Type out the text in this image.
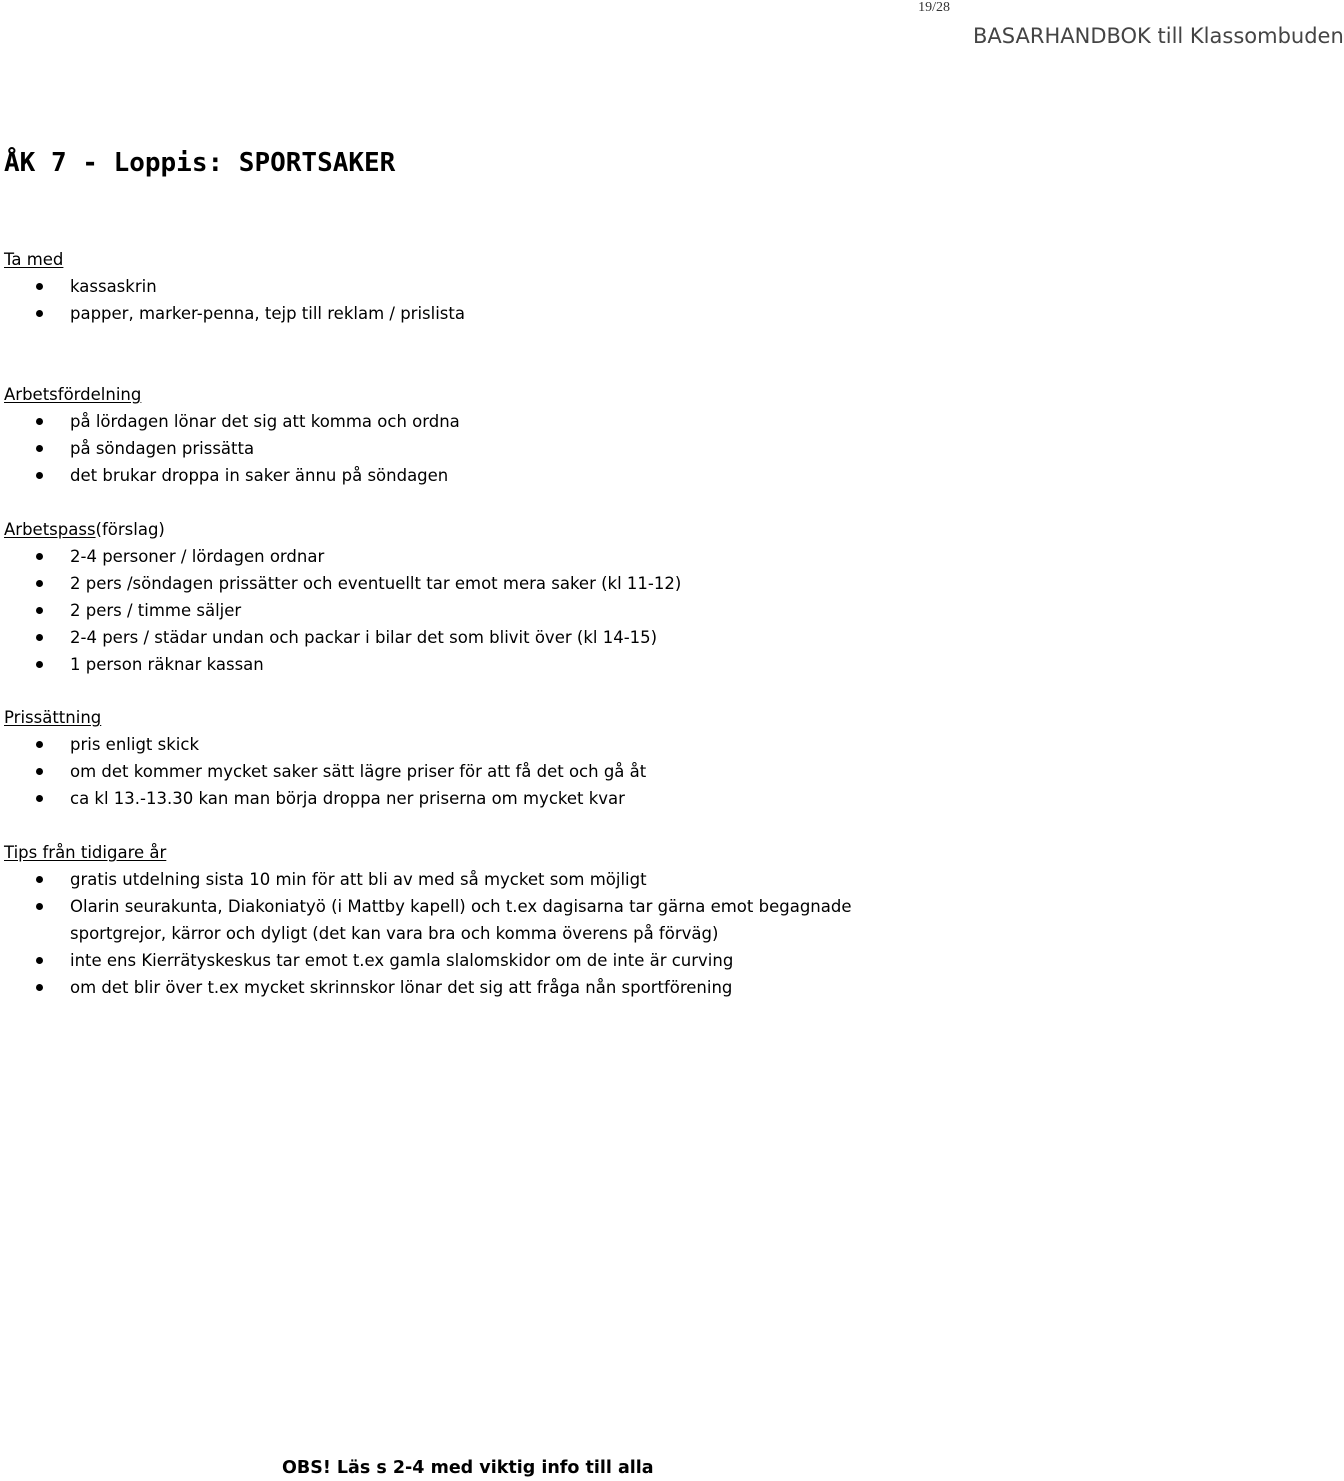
19/28
BASARHANDBOK till Klassombuden
ÅK 7 - Loppis: SPORTSAKER
Ta med
kassaskrin
papper, marker-penna, tejp till reklam / prislista
Arbetsfördelning
på lördagen lönar det sig att komma och ordna
på söndagen prissätta
det brukar droppa in saker ännu på söndagen
Arbetspass(förslag)
2-4 personer / lördagen ordnar
2 pers /söndagen prissätter och eventuellt tar emot mera saker (kl 11-12)
2 pers / timme säljer
2-4 pers / städar undan och packar i bilar det som blivit över (kl 14-15)
1 person räknar kassan
Prissättning
pris enligt skick
om det kommer mycket saker sätt lägre priser för att få det och gå åt
ca kl 13.-13.30 kan man börja droppa ner priserna om mycket kvar
Tips från tidigare år
gratis utdelning sista 10 min för att bli av med så mycket som möjligt
Olarin seurakunta, Diakoniatyö (i Mattby kapell) och t.ex dagisarna tar gärna emot begagnade
sportgrejor, kärror och dyligt (det kan vara bra och komma överens på förväg)
inte ens Kierrätyskeskus tar emot t.ex gamla slalomskidor om de inte är curving
om det blir över t.ex mycket skrinnskor lönar det sig att fråga nån sportförening
OBS! Läs s 2-4 med viktig info till alla
